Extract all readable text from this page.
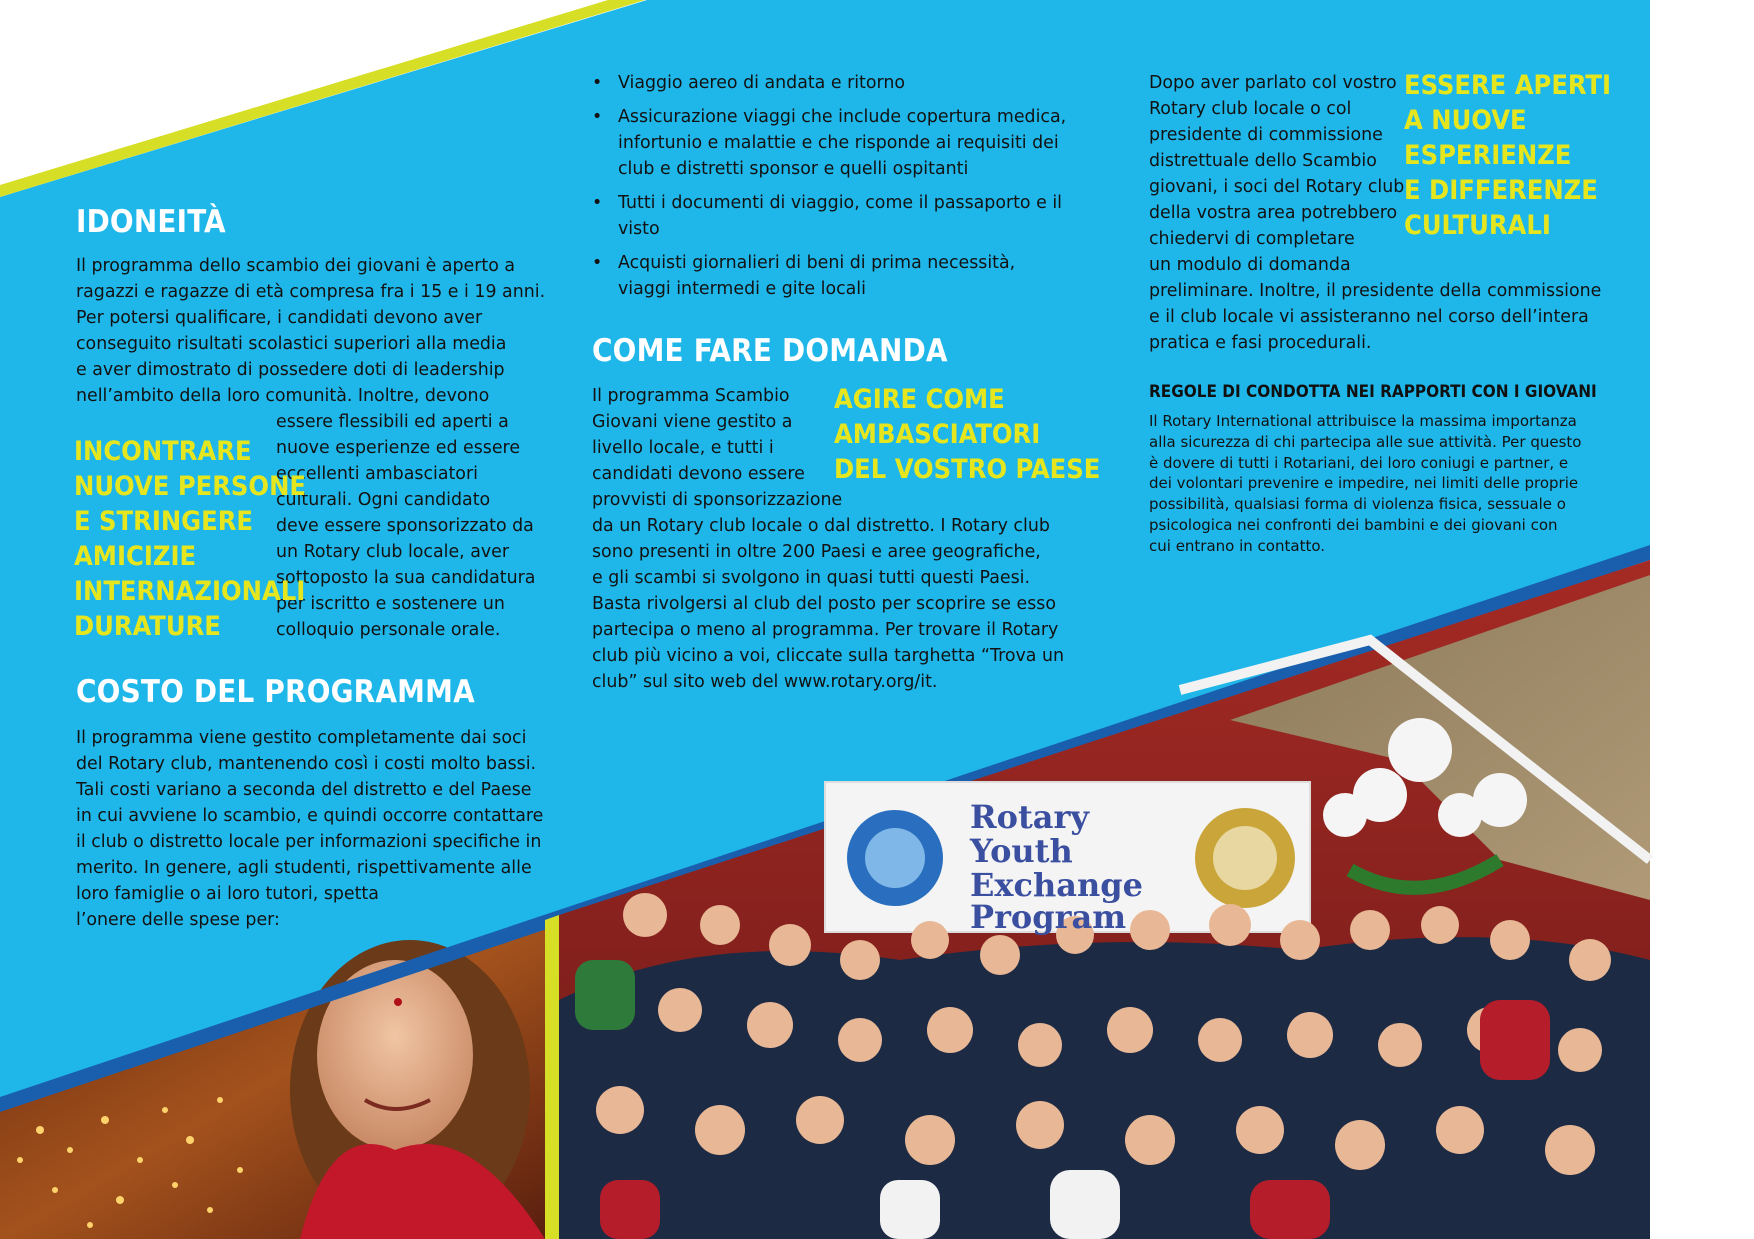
Rotary
Youth
Exchange
Program
IDONEITÀ
Il programma dello scambio dei giovani è aperto a
ragazzi e ragazze di età compresa fra i 15 e i 19 anni.
Per potersi qualificare, i candidati devono aver
conseguito risultati scolastici superiori alla media
e aver dimostrato di possedere doti di leadership
nell’ambito della loro comunità. Inoltre, devono
essere flessibili ed aperti a
nuove esperienze ed essere
eccellenti ambasciatori
culturali. Ogni candidato
deve essere sponsorizzato da
un Rotary club locale, aver
sottoposto la sua candidatura
per iscritto e sostenere un
colloquio personale orale.
INCONTRARE
NUOVE PERSONE
E STRINGERE
AMICIZIE
INTERNAZIONALI
DURATURE
COSTO DEL PROGRAMMA
Il programma viene gestito completamente dai soci
del Rotary club, mantenendo così i costi molto bassi.
Tali costi variano a seconda del distretto e del Paese
in cui avviene lo scambio, e quindi occorre contattare
il club o distretto locale per informazioni specifiche in
merito. In genere, agli studenti, rispettivamente alle
loro famiglie o ai loro tutori, spetta
l’onere delle spese per:
• Viaggio aereo di andata e ritorno
• Assicurazione viaggi che include copertura medica,
infortunio e malattie e che risponde ai requisiti dei
club e distretti sponsor e quelli ospitanti
• Tutti i documenti di viaggio, come il passaporto e il
visto
• Acquisti giornalieri di beni di prima necessità,
viaggi intermedi e gite locali
COME FARE DOMANDA
Il programma Scambio
Giovani viene gestito a
livello locale, e tutti i
candidati devono essere
AGIRE COME
AMBASCIATORI
DEL VOSTRO PAESE
provvisti di sponsorizzazione
da un Rotary club locale o dal distretto. I Rotary club
sono presenti in oltre 200 Paesi e aree geografiche,
e gli scambi si svolgono in quasi tutti questi Paesi.
Basta rivolgersi al club del posto per scoprire se esso
partecipa o meno al programma. Per trovare il Rotary
club più vicino a voi, cliccate sulla targhetta “Trova un
club” sul sito web del www.rotary.org/it.
Dopo aver parlato col vostro
Rotary club locale o col
presidente di commissione
distrettuale dello Scambio
giovani, i soci del Rotary club
della vostra area potrebbero
chiedervi di completare
un modulo di domanda
ESSERE APERTI
A NUOVE
ESPERIENZE
E DIFFERENZE
CULTURALI
preliminare. Inoltre, il presidente della commissione
e il club locale vi assisteranno nel corso dell’intera
pratica e fasi procedurali.
REGOLE DI CONDOTTA NEI RAPPORTI CON I GIOVANI
Il Rotary International attribuisce la massima importanza
alla sicurezza di chi partecipa alle sue attività. Per questo
è dovere di tutti i Rotariani, dei loro coniugi e partner, e
dei volontari prevenire e impedire, nei limiti delle proprie
possibilità, qualsiasi forma di violenza fisica, sessuale o
psicologica nei confronti dei bambini e dei giovani con
cui entrano in contatto.
